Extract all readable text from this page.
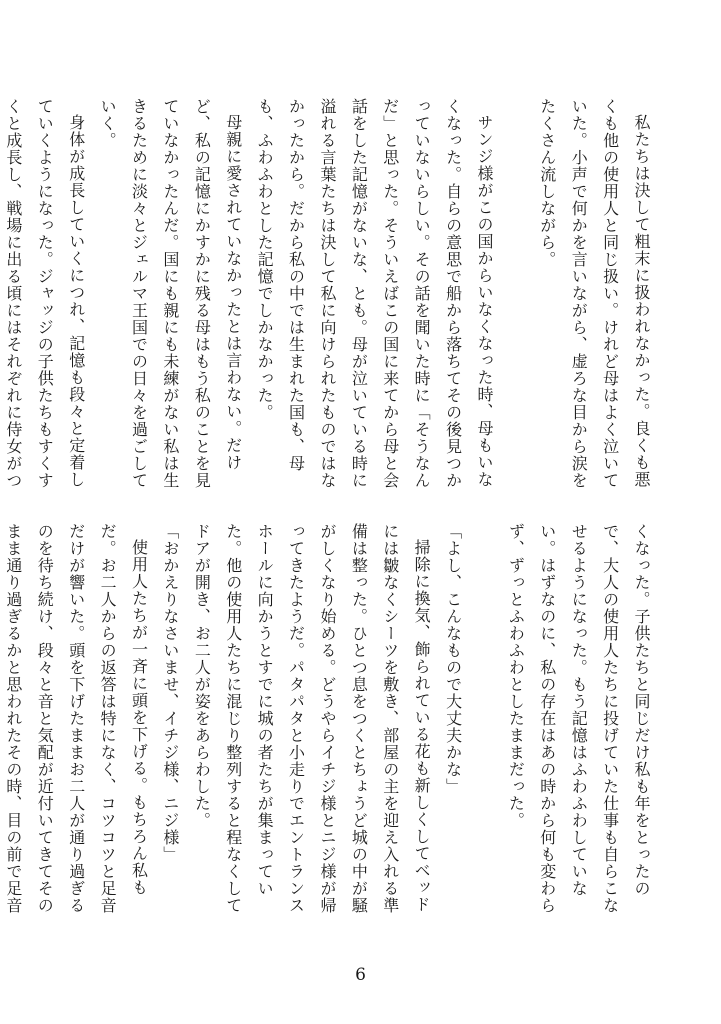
私たちは決して粗末に扱われなかった。良くも悪くも他の使用人と同じ扱い。けれど母はよく泣いていた。小声で何かを言いながら、虚ろな目から涙をたくさん流しながら。

サンジ様がこの国からいなくなった時、母もいなくなった。自らの意思で船から落ちてその後見つかっていないらしい。その話を聞いた時に「そうなんだ」と思った。そういえばこの国に来てから母と会話をした記憶がないな、とも。母が泣いている時に溢れる言葉たちは決して私に向けられたものではなかったから。だから私の中では生まれた国も、母も、ふわふわとした記憶でしかなかった。

母親に愛されていなかったとは言わない。だけど、私の記憶にかすかに残る母はもう私のことを見ていなかったんだ。国にも親にも未練がない私は生きるために淡々とジェルマ王国での日々を過ごしていく。

身体が成長していくにつれ、記憶も段々と定着していくようになった。ジャッジの子供たちもすくすくと成長し、戦場に出る頃にはそれぞれに侍女がつ

くなった。子供たちと同じだけ私も年をとったので、大人の使用人たちに投げていた仕事も自らこなせるようになった。もう記憶はふわふわしていない。はずなのに、私の存在はあの時から何も変わらず、ずっとふわふわとしたままだった。

「よし、こんなもので大丈夫かな」

掃除に換気、飾られている花も新しくしてベッドには皺なくシーツを敷き、部屋の主を迎え入れる準備は整った。ひとつ息をつくとちょうど城の中が騒がしくなり始める。どうやらイチジ様とニジ様が帰ってきたようだ。パタパタと小走りでエントランスホールに向かうとすでに城の者たちが集まっていた。他の使用人たちに混じり整列すると程なくしてドアが開き、お二人が姿をあらわした。

「おかえりなさいませ、イチジ様、ニジ様」

使用人たちが一斉に頭を下げる。もちろん私もだ。お二人からの返答は特になく、コツコツと足音だけが響いた。頭を下げたままお二人が通り過ぎるのを待ち続け、段々と音と気配が近付いてきてそのまま通り過ぎるかと思われたその時、目の前で足音

6
